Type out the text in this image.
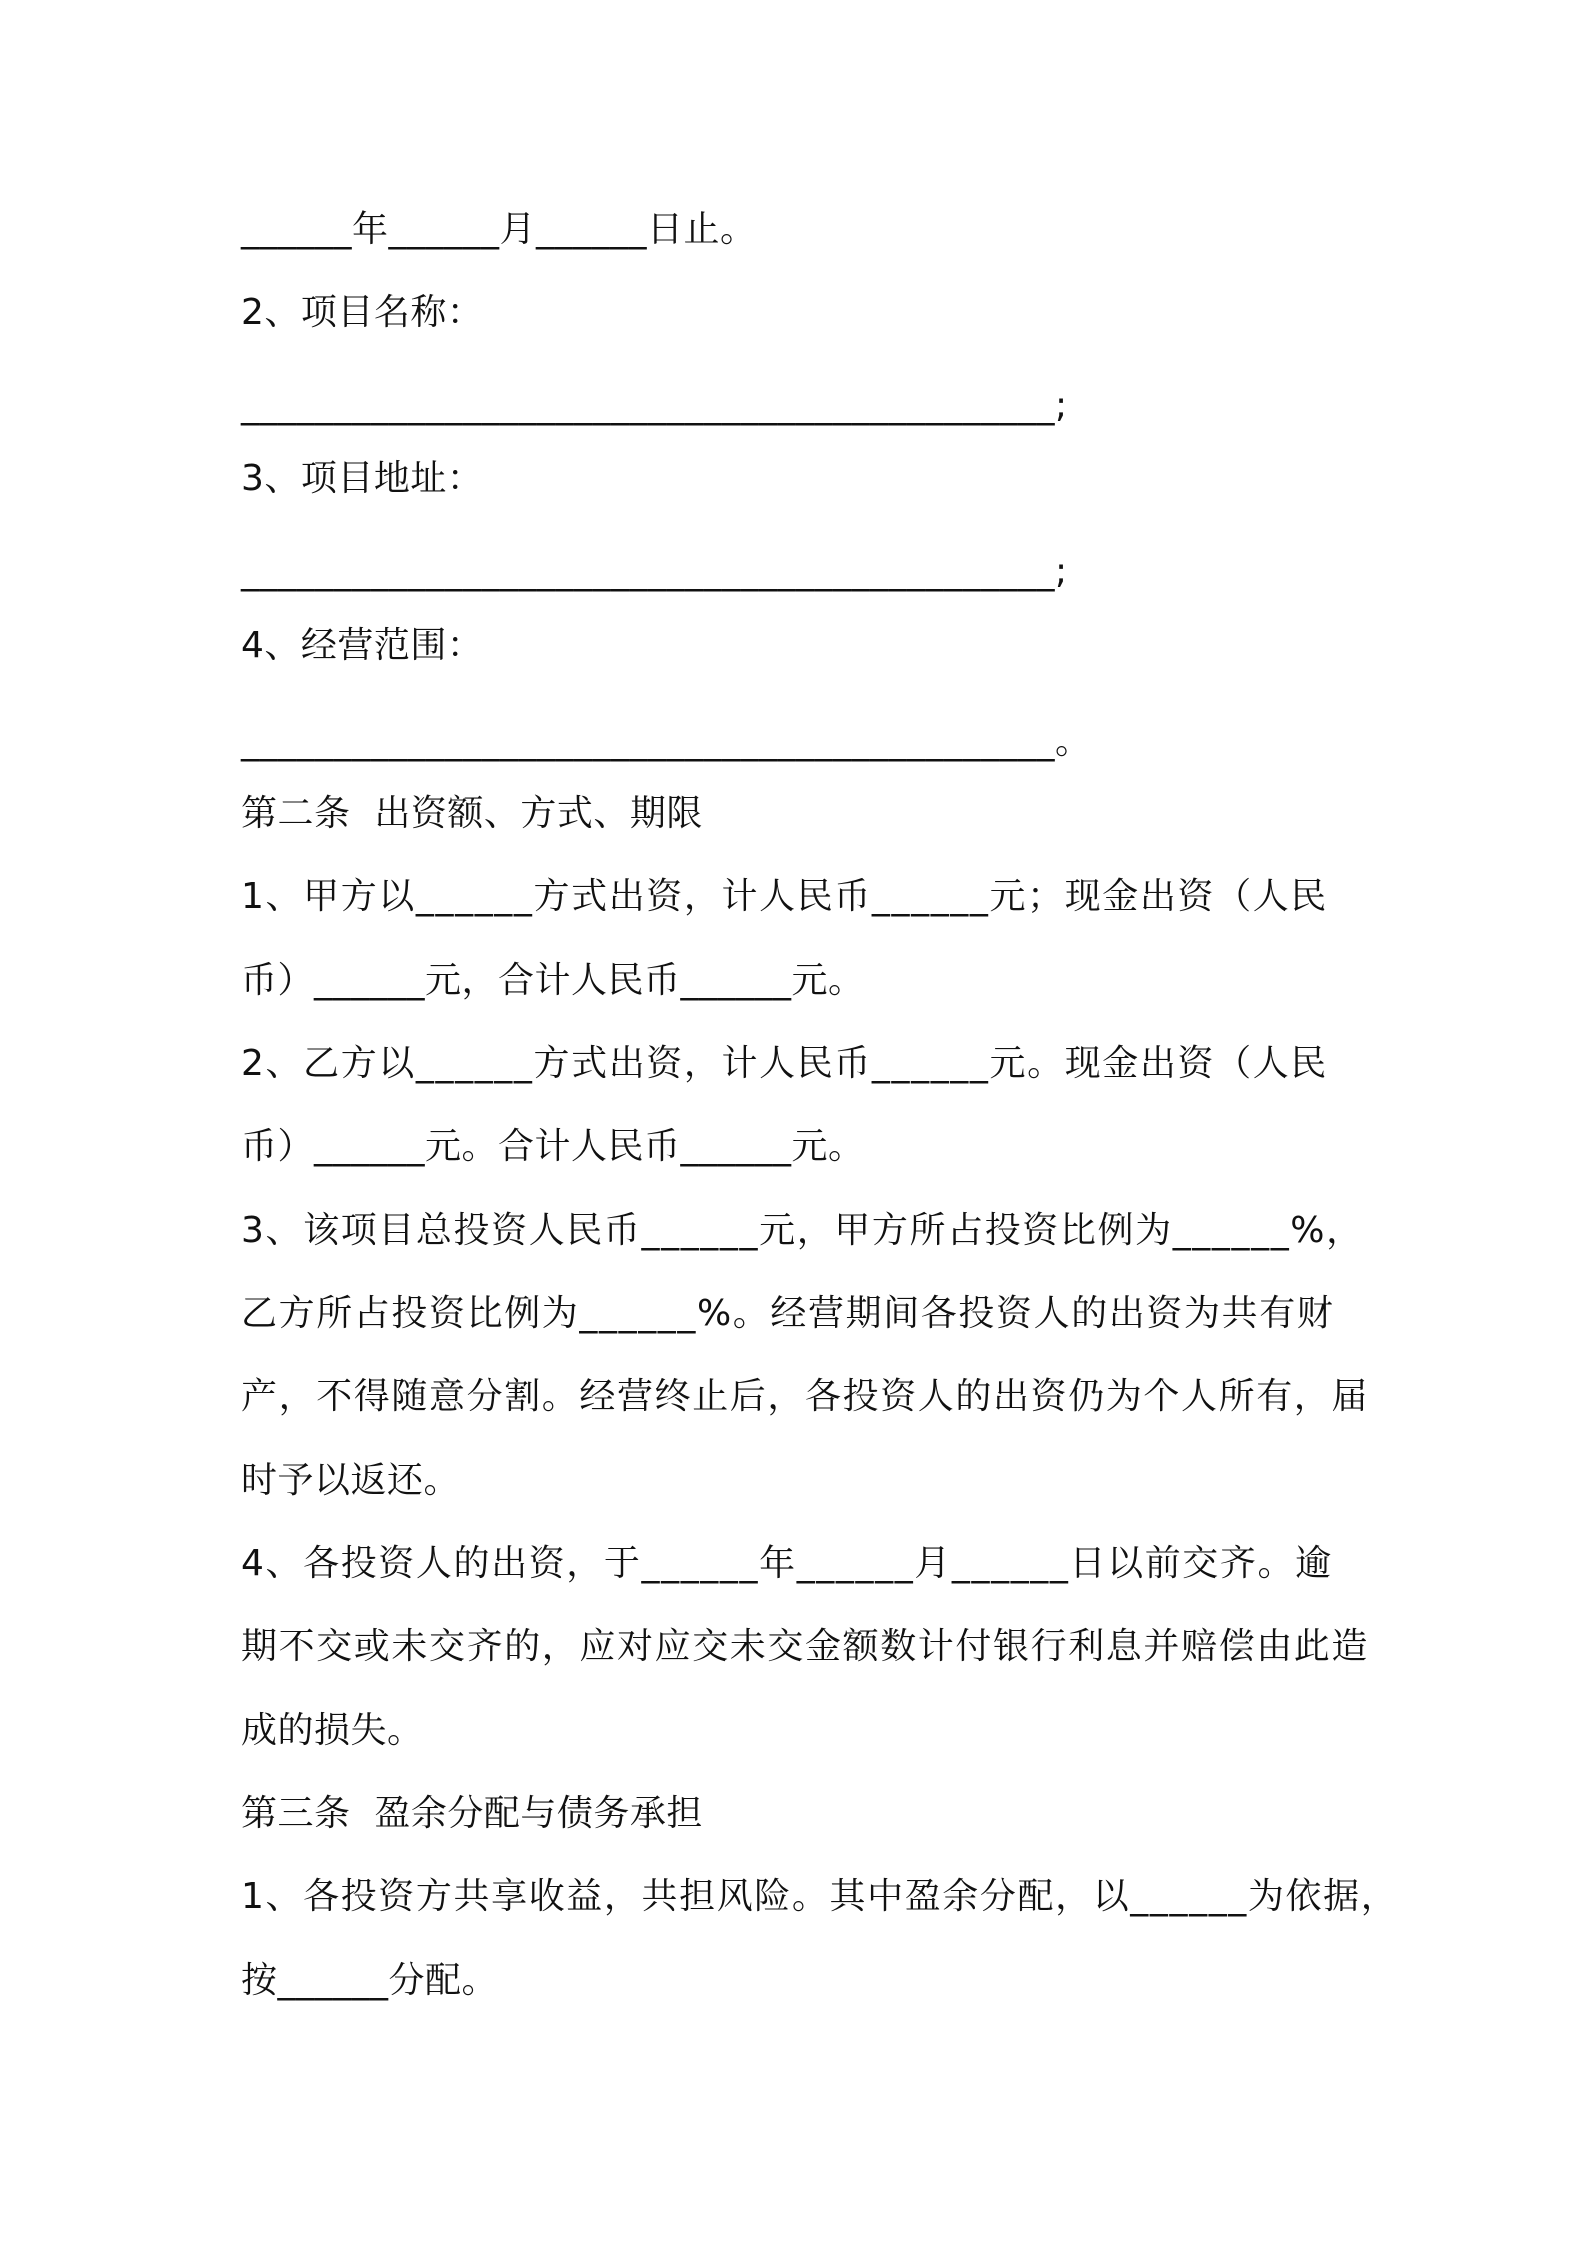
______年______月______日止。
2、项目名称：
____________________________________________;
3、项目地址：
____________________________________________;
4、经营范围：
____________________________________________。
第二条  出资额、方式、期限
1、甲方以______方式出资，计人民币______元；现金出资（人民
币）______元，合计人民币______元。
2、乙方以______方式出资，计人民币______元。现金出资（人民
币）______元。合计人民币______元。
3、该项目总投资人民币______元，甲方所占投资比例为______%，
乙方所占投资比例为______%。经营期间各投资人的出资为共有财
产，不得随意分割。经营终止后，各投资人的出资仍为个人所有，届
时予以返还。
4、各投资人的出资，于______年______月______日以前交齐。逾
期不交或未交齐的，应对应交未交金额数计付银行利息并赔偿由此造
成的损失。
第三条  盈余分配与债务承担
1、各投资方共享收益，共担风险。其中盈余分配，以______为依据，
按______分配。
